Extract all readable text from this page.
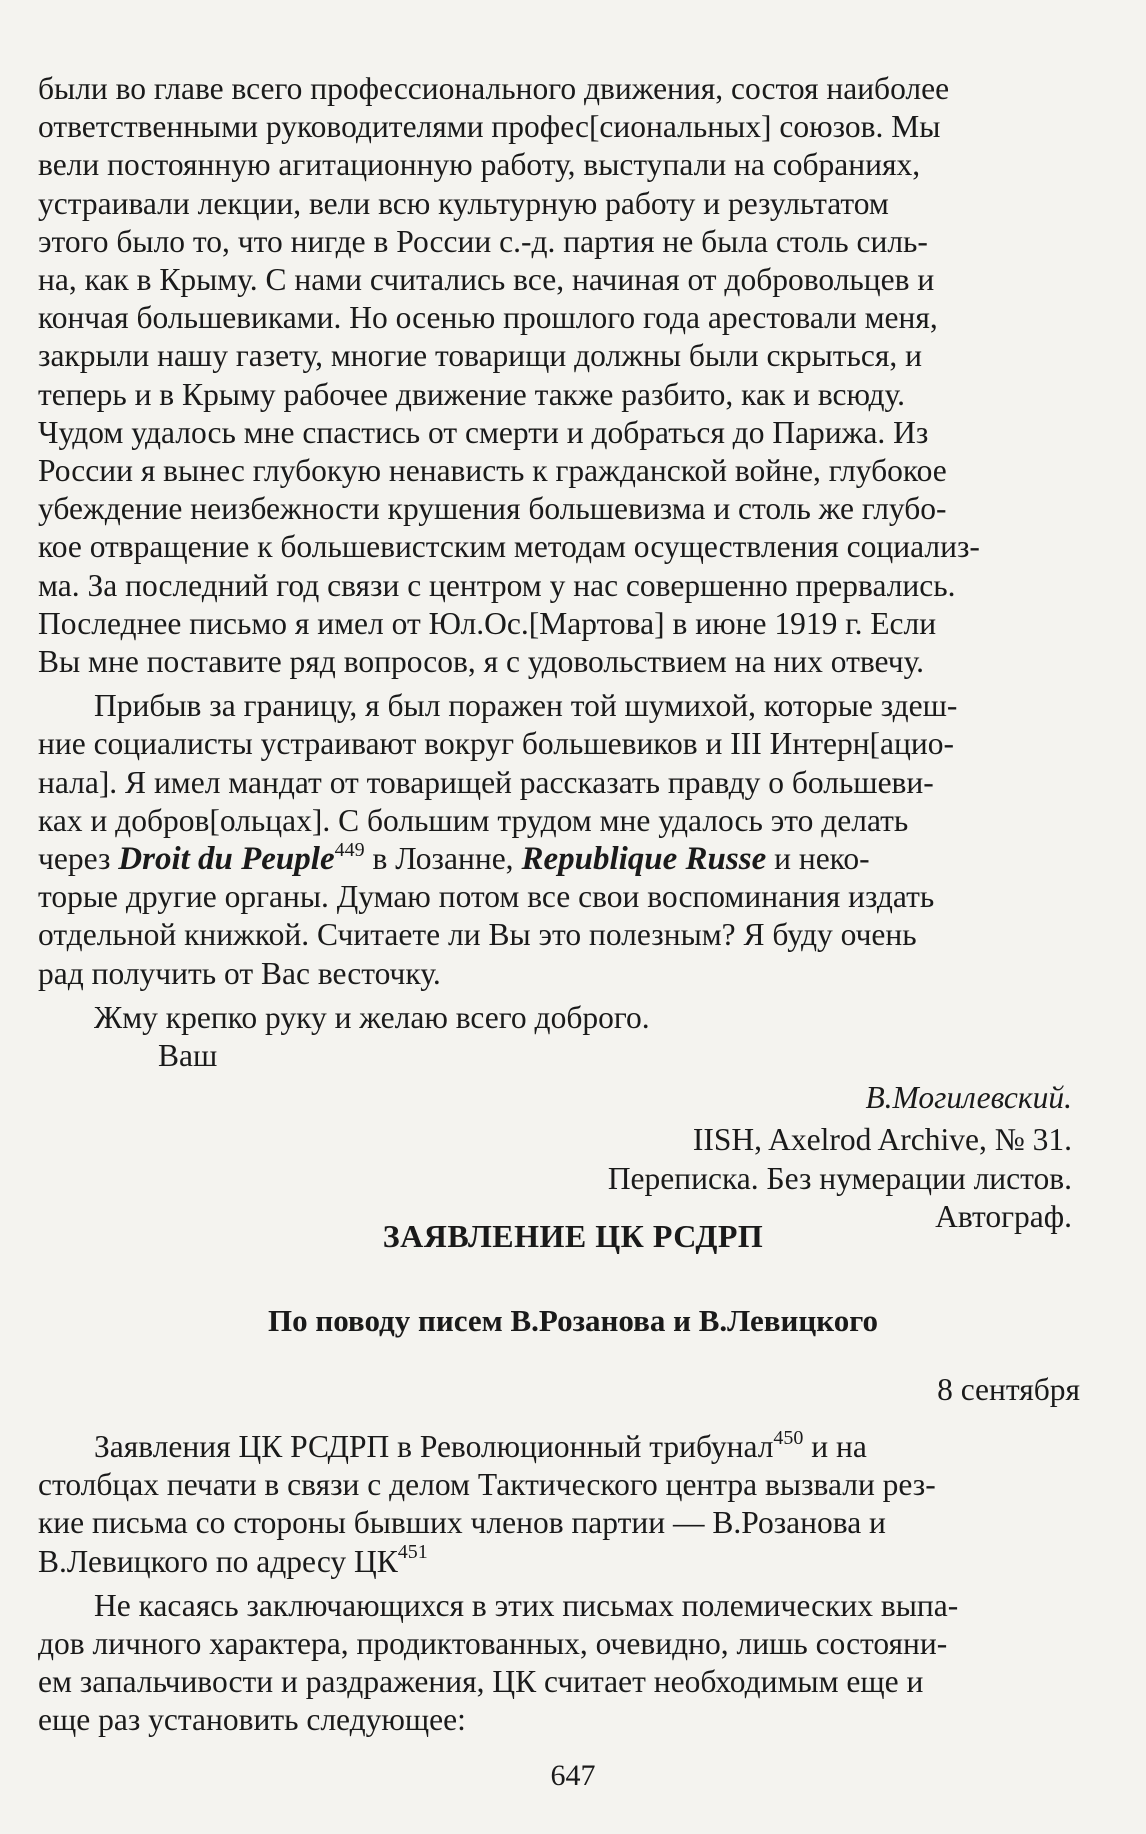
были во главе всего профессионального движения, состоя наиболее

ответственными руководителями профес[сиональных] союзов. Мы

вели постоянную агитационную работу, выступали на собраниях,

устраивали лекции, вели всю культурную работу и результатом

этого было то, что нигде в России с.-д. партия не была столь силь-

на, как в Крыму. С нами считались все, начиная от добровольцев и

кончая большевиками. Но осенью прошлого года арестовали меня,

закрыли нашу газету, многие товарищи должны были скрыться, и

теперь и в Крыму рабочее движение также разбито, как и всюду.

Чудом удалось мне спастись от смерти и добраться до Парижа. Из

России я вынес глубокую ненависть к гражданской войне, глубокое

убеждение неизбежности крушения большевизма и столь же глубо-

кое отвращение к большевистским методам осуществления социализ-

ма. За последний год связи с центром у нас совершенно прервались.

Последнее письмо я имел от Юл.Ос.[Мартова] в июне 1919 г. Если

Вы мне поставите ряд вопросов, я с удовольствием на них отвечу.

Прибыв за границу, я был поражен той шумихой, которые здеш-

ние социалисты устраивают вокруг большевиков и III Интерн[ацио-

нала]. Я имел мандат от товарищей рассказать правду о большеви-

ках и добров[ольцах]. С большим трудом мне удалось это делать

через Droit du Peuple$^{449}$ в Лозанне, Republique Russe и неко-

торые другие органы. Думаю потом все свои воспоминания издать

отдельной книжкой. Считаете ли Вы это полезным? Я буду очень

рад получить от Вас весточку.

Жму крепко руку и желаю всего доброго.

Ваш

В.Могилевский.

IISH, Axelrod Archive, № 31.

Переписка. Без нумерации листов.

Автограф.

ЗАЯВЛЕНИЕ ЦК РСДРП
По поводу писем В.Розанова и В.Левицкого
8 сентября

Заявления ЦК РСДРП в Революционный трибунал$^{450}$ и на

столбцах печати в связи с делом Тактического центра вызвали рез-

кие письма со стороны бывших членов партии — В.Розанова и

В.Левицкого по адресу ЦК$^{451}$

Не касаясь заключающихся в этих письмах полемических выпа-

дов личного характера, продиктованных, очевидно, лишь состояни-

ем запальчивости и раздражения, ЦК считает необходимым еще и

еще раз установить следующее:

647
